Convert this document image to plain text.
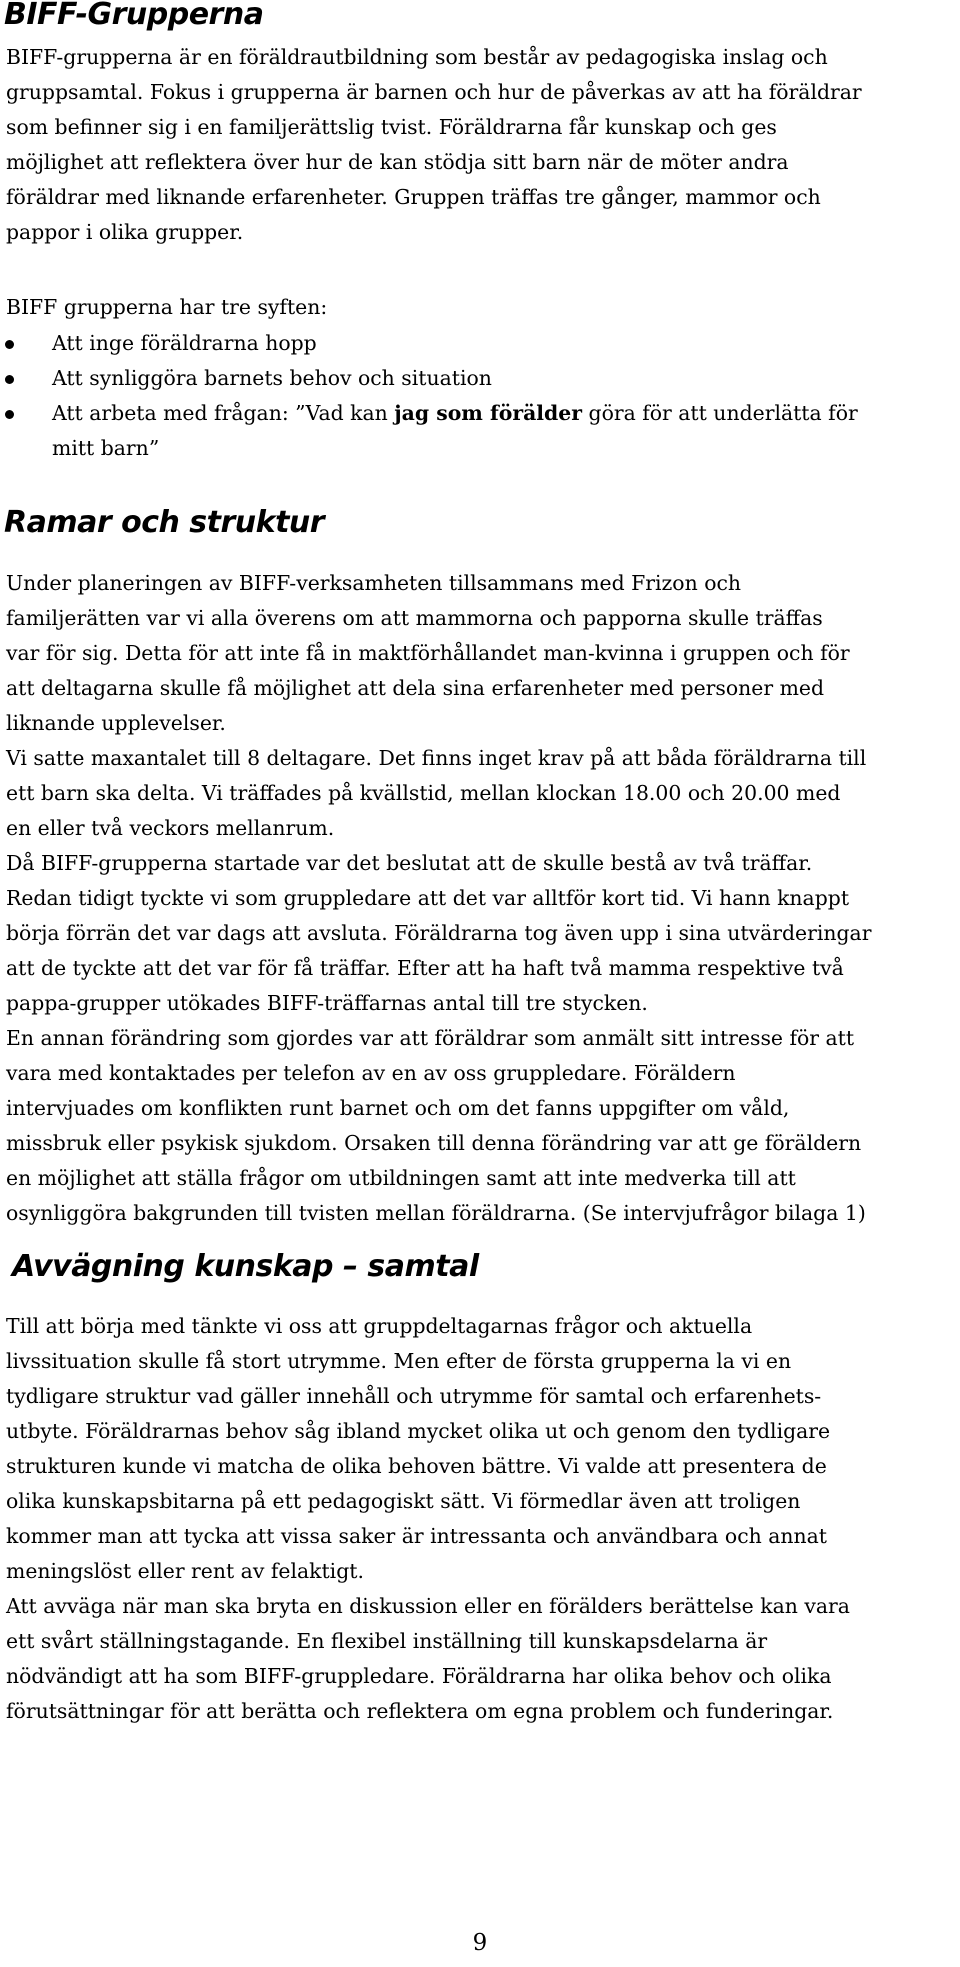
BIFF-Grupperna
BIFF-grupperna är en föräldrautbildning som består av pedagogiska inslag och
gruppsamtal. Fokus i grupperna är barnen och hur de påverkas av att ha föräldrar
som befinner sig i en familjerättslig tvist. Föräldrarna får kunskap och ges
möjlighet att reflektera över hur de kan stödja sitt barn när de möter andra
föräldrar med liknande erfarenheter. Gruppen träffas tre gånger, mammor och
pappor i olika grupper.
BIFF grupperna har tre syften:
Att inge föräldrarna hopp
Att synliggöra barnets behov och situation
Att arbeta med frågan: ”Vad kan jag som förälder göra för att underlätta för
mitt barn”
Ramar och struktur
Under planeringen av BIFF-verksamheten tillsammans med Frizon och
familjerätten var vi alla överens om att mammorna och papporna skulle träffas
var för sig. Detta för att inte få in maktförhållandet man-kvinna i gruppen och för
att deltagarna skulle få möjlighet att dela sina erfarenheter med personer med
liknande upplevelser.
Vi satte maxantalet till 8 deltagare. Det finns inget krav på att båda föräldrarna till
ett barn ska delta. Vi träffades på kvällstid, mellan klockan 18.00 och 20.00 med
en eller två veckors mellanrum.
Då BIFF-grupperna startade var det beslutat att de skulle bestå av två träffar.
Redan tidigt tyckte vi som gruppledare att det var alltför kort tid. Vi hann knappt
börja förrän det var dags att avsluta. Föräldrarna tog även upp i sina utvärderingar
att de tyckte att det var för få träffar. Efter att ha haft två mamma respektive två
pappa-grupper utökades BIFF-träffarnas antal till tre stycken.
En annan förändring som gjordes var att föräldrar som anmält sitt intresse för att
vara med kontaktades per telefon av en av oss gruppledare. Föräldern
intervjuades om konflikten runt barnet och om det fanns uppgifter om våld,
missbruk eller psykisk sjukdom. Orsaken till denna förändring var att ge föräldern
en möjlighet att ställa frågor om utbildningen samt att inte medverka till att
osynliggöra bakgrunden till tvisten mellan föräldrarna. (Se intervjufrågor bilaga 1)
Avvägning kunskap – samtal
Till att börja med tänkte vi oss att gruppdeltagarnas frågor och aktuella
livssituation skulle få stort utrymme. Men efter de första grupperna la vi en
tydligare struktur vad gäller innehåll och utrymme för samtal och erfarenhets-
utbyte. Föräldrarnas behov såg ibland mycket olika ut och genom den tydligare
strukturen kunde vi matcha de olika behoven bättre. Vi valde att presentera de
olika kunskapsbitarna på ett pedagogiskt sätt. Vi förmedlar även att troligen
kommer man att tycka att vissa saker är intressanta och användbara och annat
meningslöst eller rent av felaktigt.
Att avväga när man ska bryta en diskussion eller en förälders berättelse kan vara
ett svårt ställningstagande. En flexibel inställning till kunskapsdelarna är
nödvändigt att ha som BIFF-gruppledare. Föräldrarna har olika behov och olika
förutsättningar för att berätta och reflektera om egna problem och funderingar.
9
